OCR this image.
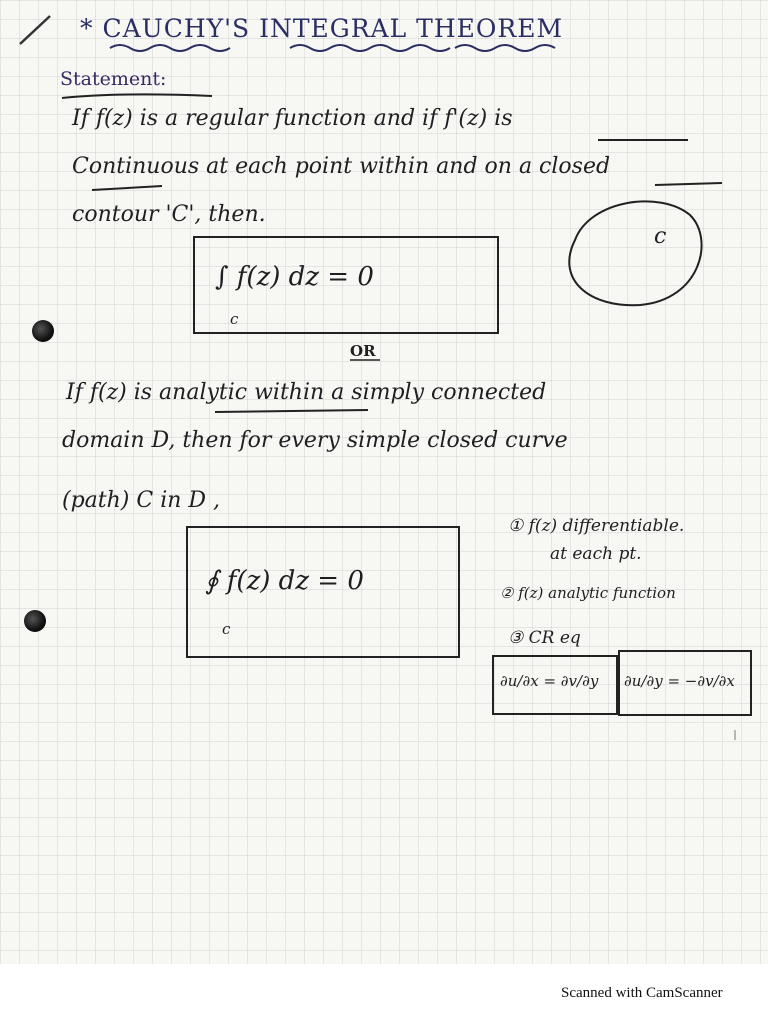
* CAUCHY'S INTEGRAL THEOREM
Statement:
If f(z) is a regular function and if f'(z) is
Continuous at each point within and on a closed
contour 'C', then.
∫ f(z) dz = 0
c
c
OR
If f(z) is analytic within a simply connected
domain D, then for every simple closed curve
(path) C in D ,
∮ f(z) dz = 0
c
① f(z) differentiable.
at each pt.
② f(z) analytic function
③ CR eq
∂u/∂x = ∂v/∂y ∂u/∂y = −∂v/∂x
Scanned with CamScanner
